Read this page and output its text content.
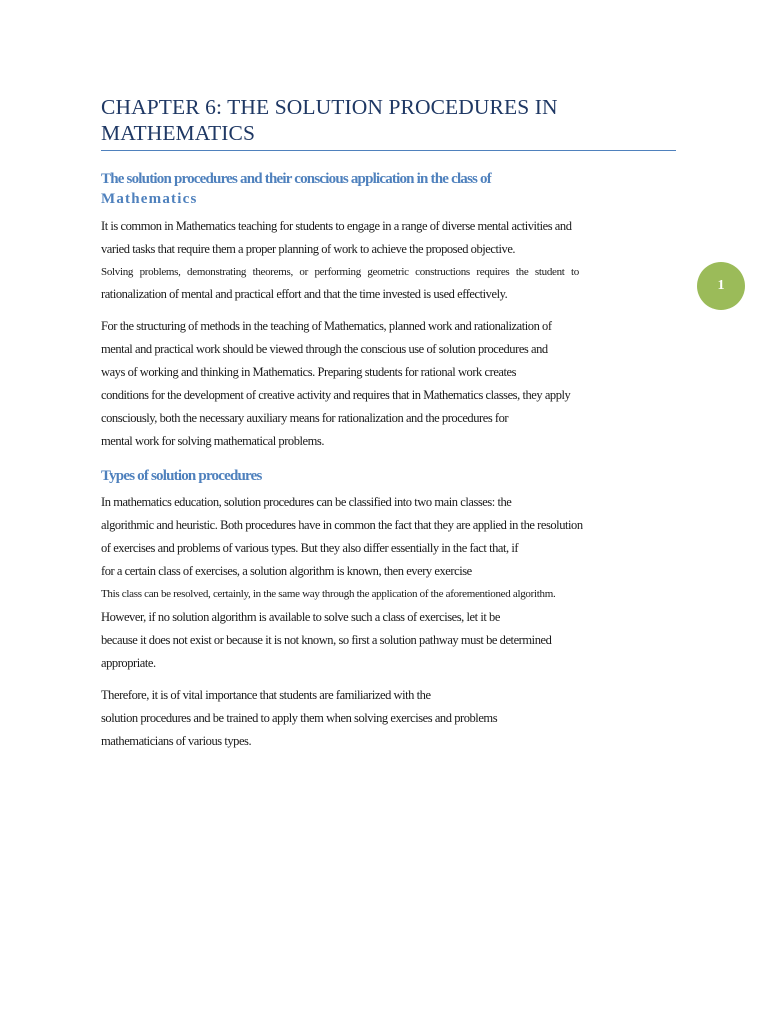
CHAPTER 6: THE SOLUTION PROCEDURES IN MATHEMATICS
The solution procedures and their conscious application in the class of
Mathematics

It is common in Mathematics teaching for students to engage in a range of diverse mental activities and

varied tasks that require them a proper planning of work to achieve the proposed objective.

Solving problems, demonstrating theorems, or performing geometric constructions requires the student to

rationalization of mental and practical effort and that the time invested is used effectively.

For the structuring of methods in the teaching of Mathematics, planned work and rationalization of

mental and practical work should be viewed through the conscious use of solution procedures and

ways of working and thinking in Mathematics. Preparing students for rational work creates

conditions for the development of creative activity and requires that in Mathematics classes, they apply

consciously, both the necessary auxiliary means for rationalization and the procedures for

mental work for solving mathematical problems.

Types of solution procedures

In mathematics education, solution procedures can be classified into two main classes: the

algorithmic and heuristic. Both procedures have in common the fact that they are applied in the resolution

of exercises and problems of various types. But they also differ essentially in the fact that, if

for a certain class of exercises, a solution algorithm is known, then every exercise

This class can be resolved, certainly, in the same way through the application of the aforementioned algorithm.

However, if no solution algorithm is available to solve such a class of exercises, let it be

because it does not exist or because it is not known, so first a solution pathway must be determined

appropriate.

Therefore, it is of vital importance that students are familiarized with the

solution procedures and be trained to apply them when solving exercises and problems

mathematicians of various types.

1
